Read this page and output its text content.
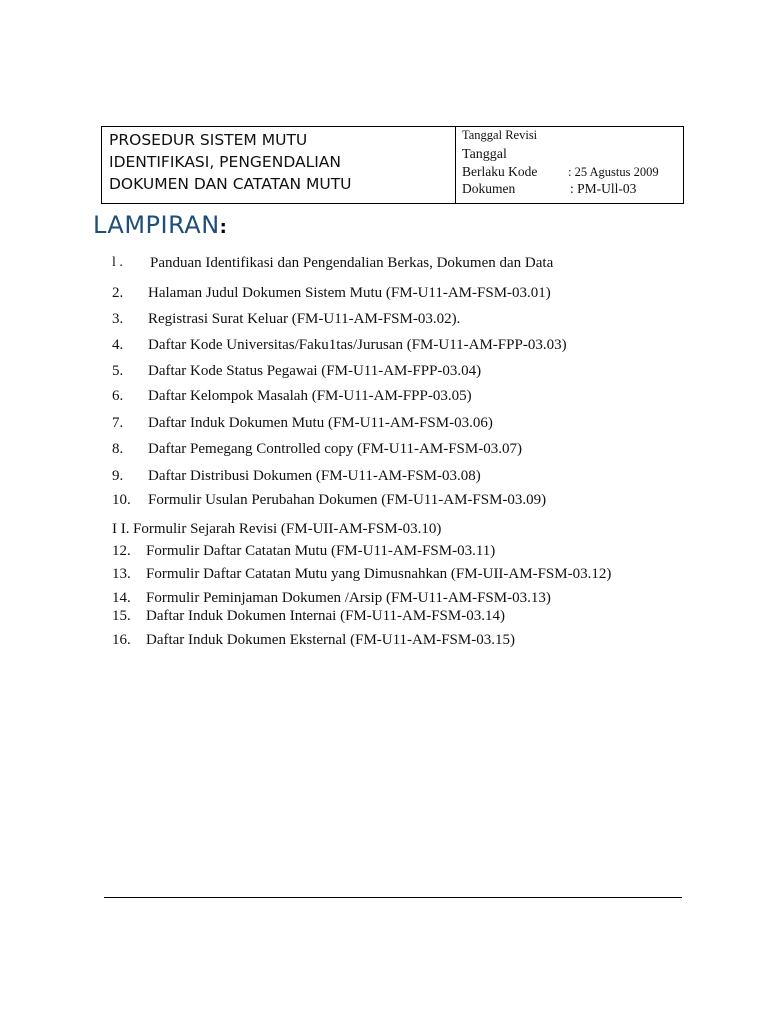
PROSEDUR SISTEM MUTU
IDENTIFIKASI, PENGENDALIAN
DOKUMEN DAN CATATAN MUTU
Tanggal Revisi
Tanggal
Berlaku Kode : 25 Agustus 2009
Dokumen	: PM-Ull-03
LAMPIRAN:
l . Panduan Identifikasi dan Pengendalian Berkas, Dokumen dan Data
2. Halaman Judul Dokumen Sistem Mutu (FM-U11-AM-FSM-03.01)
3. Registrasi Surat Keluar (FM-U11-AM-FSM-03.02).
4. Daftar Kode Universitas/Faku1tas/Jurusan (FM-U11-AM-FPP-03.03)
5. Daftar Kode Status Pegawai (FM-U11-AM-FPP-03.04)
6. Daftar Kelompok Masalah (FM-U11-AM-FPP-03.05)
7. Daftar Induk Dokumen Mutu (FM-U11-AM-FSM-03.06)
8. Daftar Pemegang Controlled copy (FM-U11-AM-FSM-03.07)
9. Daftar Distribusi Dokumen (FM-U11-AM-FSM-03.08)
10. Formulir Usulan Perubahan Dokumen (FM-U11-AM-FSM-03.09)
I I. Formulir Sejarah Revisi (FM-UII-AM-FSM-03.10)
12. Formulir Daftar Catatan Mutu (FM-U11-AM-FSM-03.11)
13. Formulir Daftar Catatan Mutu yang Dimusnahkan (FM-UII-AM-FSM-03.12)
14. Formulir Peminjaman Dokumen /Arsip (FM-U11-AM-FSM-03.13)
15. Daftar Induk Dokumen Internai (FM-U11-AM-FSM-03.14)
16. Daftar Induk Dokumen Eksternal (FM-U11-AM-FSM-03.15)
